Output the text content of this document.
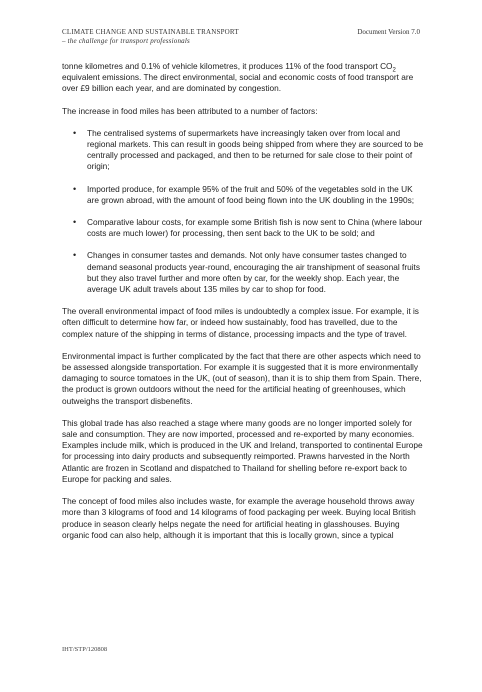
CLIMATE CHANGE AND SUSTAINABLE TRANSPORT
– the challenge for transport professionals
Document Version 7.0

tonne kilometres and 0.1% of vehicle kilometres, it produces 11% of the food transport $CO_2$ equivalent emissions. The direct environmental, social and economic costs of food transport are over £9 billion each year, and are dominated by congestion.

The increase in food miles has been attributed to a number of factors:

• The centralised systems of supermarkets have increasingly taken over from local and regional markets. This can result in goods being shipped from where they are sourced to be centrally processed and packaged, and then to be returned for sale close to their point of origin;
• Imported produce, for example 95% of the fruit and 50% of the vegetables sold in the UK are grown abroad, with the amount of food being flown into the UK doubling in the 1990s;
• Comparative labour costs, for example some British fish is now sent to China (where labour costs are much lower) for processing, then sent back to the UK to be sold; and
• Changes in consumer tastes and demands. Not only have consumer tastes changed to demand seasonal products year-round, encouraging the air transhipment of seasonal fruits but they also travel further and more often by car, for the weekly shop. Each year, the average UK adult travels about 135 miles by car to shop for food.

The overall environmental impact of food miles is undoubtedly a complex issue. For example, it is often difficult to determine how far, or indeed how sustainably, food has travelled, due to the complex nature of the shipping in terms of distance, processing impacts and the type of travel.

Environmental impact is further complicated by the fact that there are other aspects which need to be assessed alongside transportation. For example it is suggested that it is more environmentally damaging to source tomatoes in the UK, (out of season), than it is to ship them from Spain. There, the product is grown outdoors without the need for the artificial heating of greenhouses, which outweighs the transport disbenefits.

This global trade has also reached a stage where many goods are no longer imported solely for sale and consumption. They are now imported, processed and re-exported by many economies. Examples include milk, which is produced in the UK and Ireland, transported to continental Europe for processing into dairy products and subsequently reimported. Prawns harvested in the North Atlantic are frozen in Scotland and dispatched to Thailand for shelling before re-export back to Europe for packing and sales.

The concept of food miles also includes waste, for example the average household throws away more than 3 kilograms of food and 14 kilograms of food packaging per week. Buying local British produce in season clearly helps negate the need for artificial heating in glasshouses. Buying organic food can also help, although it is important that this is locally grown, since a typical

IHT/STP/120808
